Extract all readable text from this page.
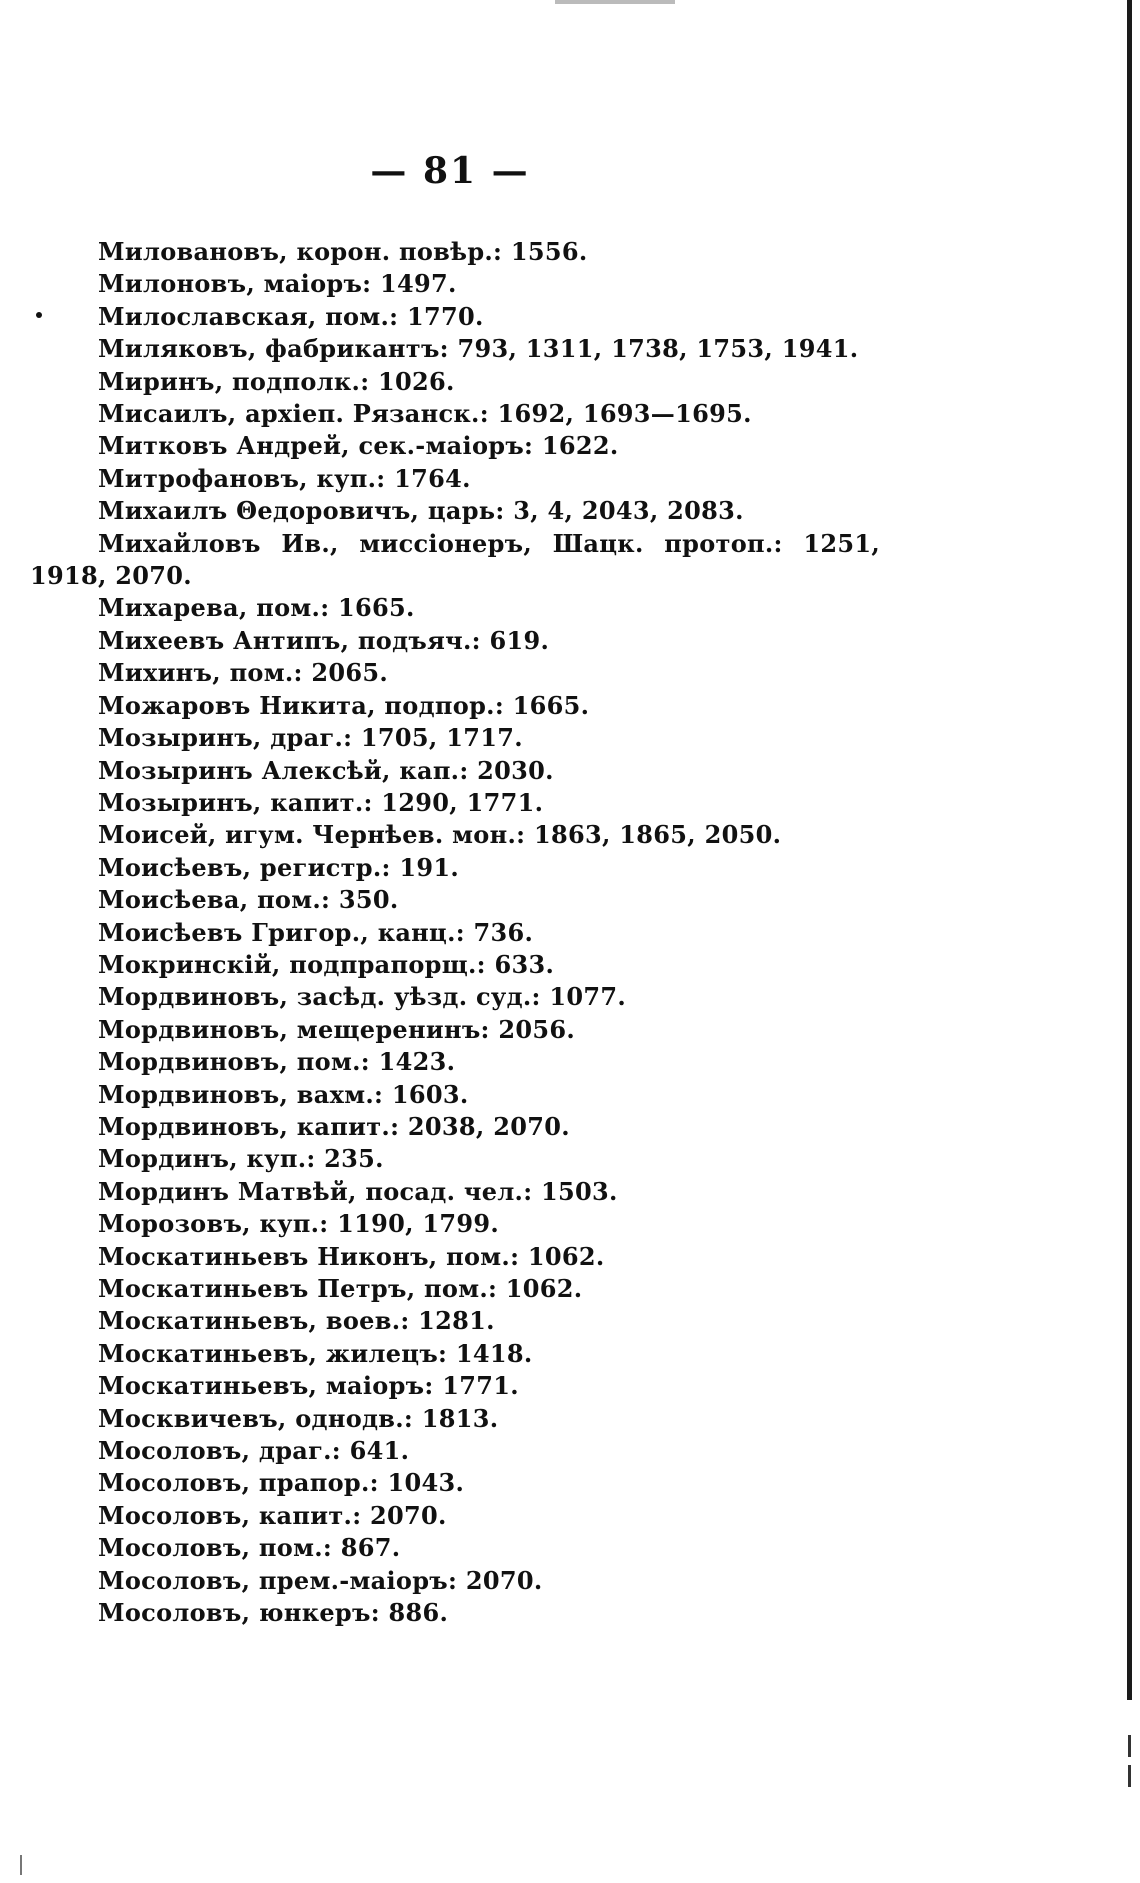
— 81 —
Миловановъ, корон. повѣр.: 1556.
Милоновъ, маіоръ: 1497.
Милославская, пом.: 1770.
Миляковъ, фабрикантъ: 793, 1311, 1738, 1753, 1941.
Миринъ, подполк.: 1026.
Мисаилъ, архіеп. Рязанск.: 1692, 1693—1695.
Митковъ Андрей, сек.-маіоръ: 1622.
Митрофановъ, куп.: 1764.
Михаилъ Θедоровичъ, царь: 3, 4, 2043, 2083.
Михайловъ Ив., миссіонеръ, Шацк. протоп.: 1251, 1918, 2070.
Михарева, пом.: 1665.
Михеевъ Антипъ, подъяч.: 619.
Михинъ, пом.: 2065.
Можаровъ Никита, подпор.: 1665.
Мозыринъ, драг.: 1705, 1717.
Мозыринъ Алексѣй, кап.: 2030.
Мозыринъ, капит.: 1290, 1771.
Моисей, игум. Чернѣев. мон.: 1863, 1865, 2050.
Моисѣевъ, регистр.: 191.
Моисѣева, пом.: 350.
Моисѣевъ Григор., канц.: 736.
Мокринскій, подпрапорщ.: 633.
Мордвиновъ, засѣд. уѣзд. суд.: 1077.
Мордвиновъ, мещеренинъ: 2056.
Мордвиновъ, пом.: 1423.
Мордвиновъ, вахм.: 1603.
Мордвиновъ, капит.: 2038, 2070.
Мординъ, куп.: 235.
Мординъ Матвѣй, посад. чел.: 1503.
Морозовъ, куп.: 1190, 1799.
Москатиньевъ Никонъ, пом.: 1062.
Москатиньевъ Петръ, пом.: 1062.
Москатиньевъ, воев.: 1281.
Москатиньевъ, жилецъ: 1418.
Москатиньевъ, маіоръ: 1771.
Москвичевъ, однодв.: 1813.
Мосоловъ, драг.: 641.
Мосоловъ, прапор.: 1043.
Мосоловъ, капит.: 2070.
Мосоловъ, пом.: 867.
Мосоловъ, прем.-маіоръ: 2070.
Мосоловъ, юнкеръ: 886.
